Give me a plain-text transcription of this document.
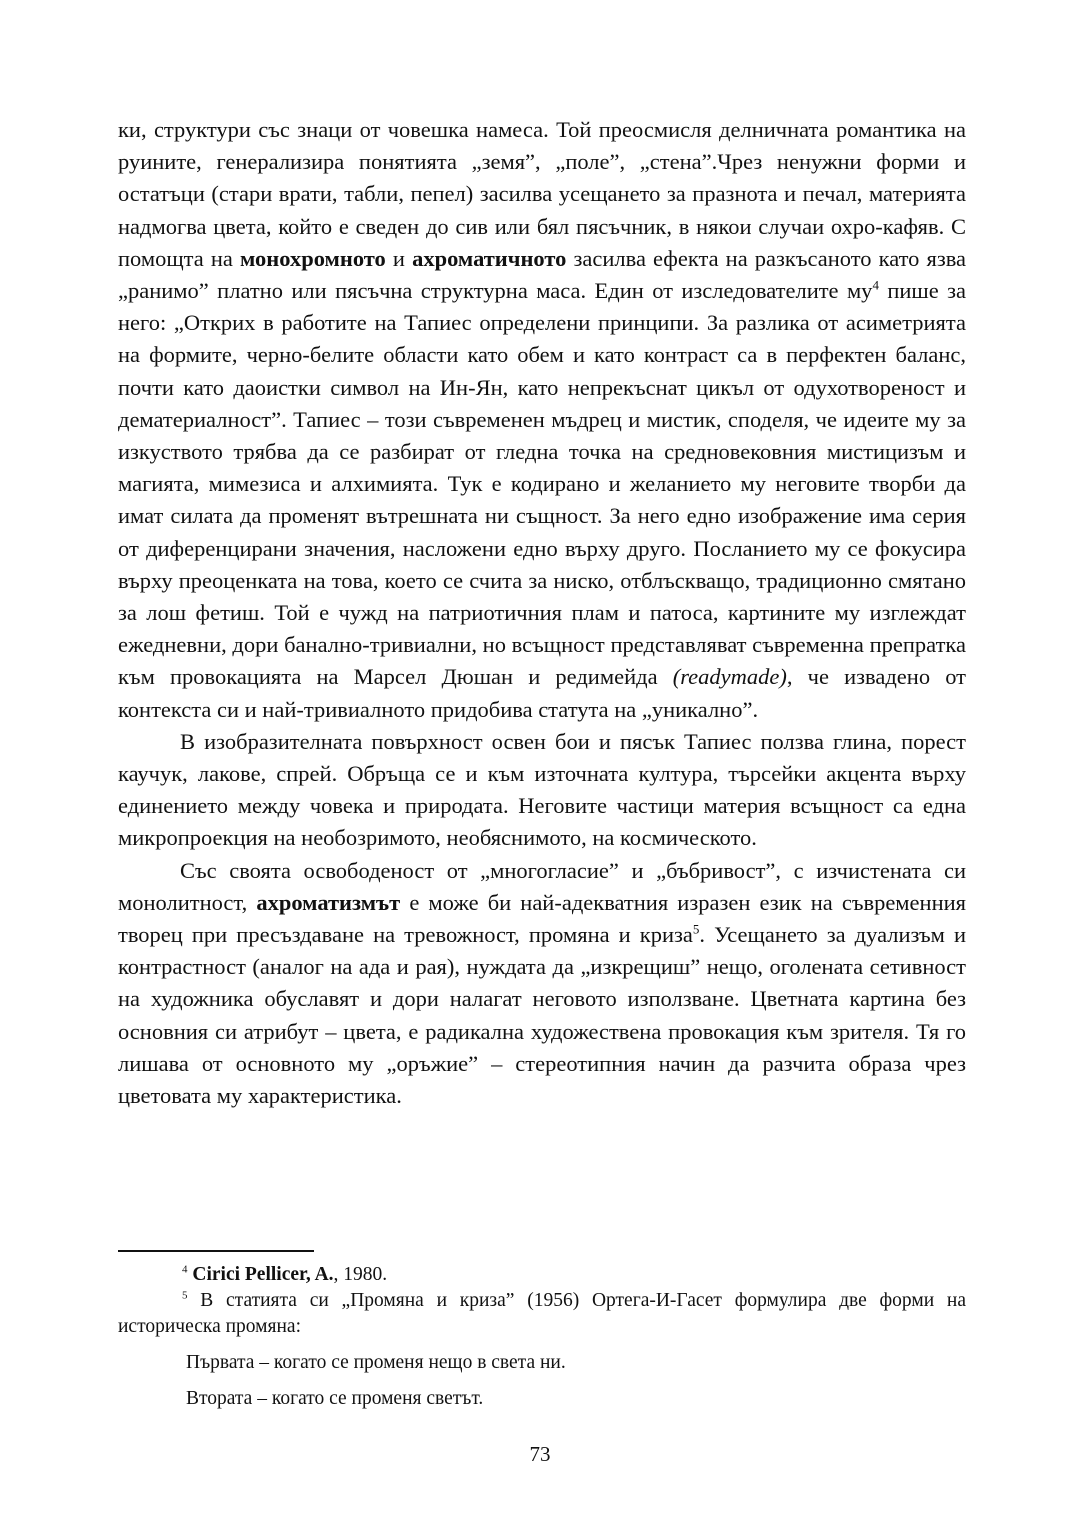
ки, структури със знаци от човешка намеса. Той преосмисля делничната романтика на руините, генерализира понятията „земя”, „поле”, „стена”.Чрез ненужни форми и остатъци (стари врати, табли, пепел) засилва усещането за празнота и печал, материята надмогва цвета, който е сведен до сив или бял пясъчник, в някои случаи охро-кафяв. С помощта на монохромното и ахроматичното засилва ефекта на разкъсаното като язва „ранимо” платно или пясъчна структурна маса. Един от изследователите му$^4$ пише за него: „Открих в работите на Тапиес определени принципи. За разлика от асиметрията на формите, черно-белите области като обем и като контраст са в перфектен баланс, почти като даоистки символ на Ин-Ян, като непрекъснат цикъл от одухотвореност и дематериалност”. Тапиес – този съвременен мъдрец и мистик, споделя, че идеите му за изкуството трябва да се разбират от гледна точка на средновековния мистицизъм и магията, мимезиса и алхимията. Тук е кодирано и желанието му неговите творби да имат силата да променят вътрешната ни същност. За него едно изображение има серия от диференцирани значения, насложени едно върху друго. Посланието му се фокусира върху преоценката на това, което се счита за ниско, отблъскващо, традиционно смятано за лош фетиш. Той е чужд на патриотичния плам и патоса, картините му изглеждат ежедневни, дори банално-тривиални, но всъщност представляват съвременна препратка към провокацията на Марсел Дюшан и редимейда (readymade), че извадено от контекста си и най-тривиалното придобива статута на „уникално”.

В изобразителната повърхност освен бои и пясък Тапиес ползва глина, порест каучук, лакове, спрей. Обръща се и към източната култура, търсейки акцента върху единението между човека и природата. Неговите частици материя всъщност са една микропроекция на необозримото, необяснимото, на космическото.

Със своята освободеност от „многогласие” и „бъбривост”, с изчистената си монолитност, ахроматизмът е може би най-адекватния изразен език на съвременния творец при пресъздаване на тревожност, промяна и криза$^5$. Усещането за дуализъм и контрастност (аналог на ада и рая), нуждата да „изкрещиш” нещо, оголената сетивност на художника обуславят и дори налагат неговото използване. Цветната картина без основния си атрибут – цвета, е радикална художествена провокация към зрителя. Тя го лишава от основното му „оръжие” – стереотипния начин да разчита образа чрез цветовата му характеристика.

$^4$ Cirici Pellicer, A., 1980.

$^5$ В статията си „Промяна и криза” (1956) Ортега-И-Гасет формулира две форми на историческа промяна:

Първата – когато се променя нещо в света ни.

Втората – когато се променя светът.

73
